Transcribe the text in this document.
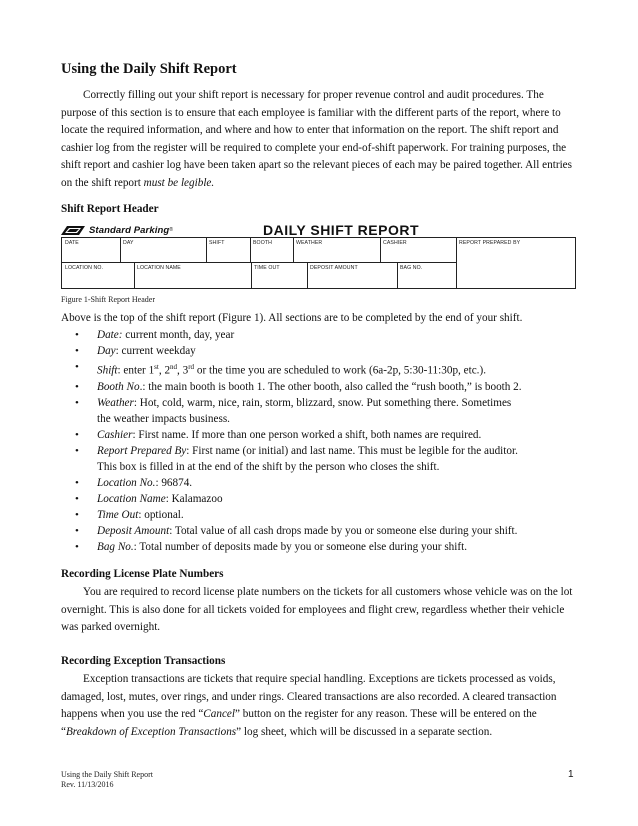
Using the Daily Shift Report

Correctly filling out your shift report is necessary for proper revenue control and audit procedures. The purpose of this section is to ensure that each employee is familiar with the different parts of the report, where to locate the required information, and where and how to enter that information on the report. The shift report and cashier log from the register will be required to complete your end-of-shift paperwork. For training purposes, the shift report and cashier log have been taken apart so the relevant pieces of each may be paired together. All entries on the shift report must be legible.

Shift Report Header
Standard Parking ®	DAILY SHIFT REPORT
DATE	DAY	SHIFT	BOOTH	WEATHER	CASHIER	REPORT PREPARED BY
LOCATION NO.	LOCATION NAME	TIME OUT	DEPOSIT AMOUNT	BAG NO.

Figure 1-Shift Report Header

Above is the top of the shift report (Figure 1). All sections are to be completed by the end of your shift.

• Date: current month, day, year
• Day: current weekday
• Shift: enter 1st, 2nd, 3rd or the time you are scheduled to work (6a-2p, 5:30-11:30p, etc.).
• Booth No.: the main booth is booth 1. The other booth, also called the “rush booth,” is booth 2.
• Weather: Hot, cold, warm, nice, rain, storm, blizzard, snow. Put something there. Sometimes
the weather impacts business.
• Cashier: First name. If more than one person worked a shift, both names are required.
• Report Prepared By: First name (or initial) and last name. This must be legible for the auditor.
This box is filled in at the end of the shift by the person who closes the shift.
• Location No.: 96874.
• Location Name: Kalamazoo
• Time Out: optional.
• Deposit Amount: Total value of all cash drops made by you or someone else during your shift.
• Bag No.: Total number of deposits made by you or someone else during your shift.
Recording License Plate Numbers

You are required to record license plate numbers on the tickets for all customers whose vehicle was on the lot overnight. This is also done for all tickets voided for employees and flight crew, regardless whether their vehicle was parked overnight.

Recording Exception Transactions

Exception transactions are tickets that require special handling. Exceptions are tickets processed as voids, damaged, lost, mutes, over rings, and under rings. Cleared transactions are also recorded. A cleared transaction happens when you use the red “Cancel” button on the register for any reason. These will be entered on the “Breakdown of Exception Transactions” log sheet, which will be discussed in a separate section.

Using the Daily Shift Report
Rev. 11/13/2016

1
